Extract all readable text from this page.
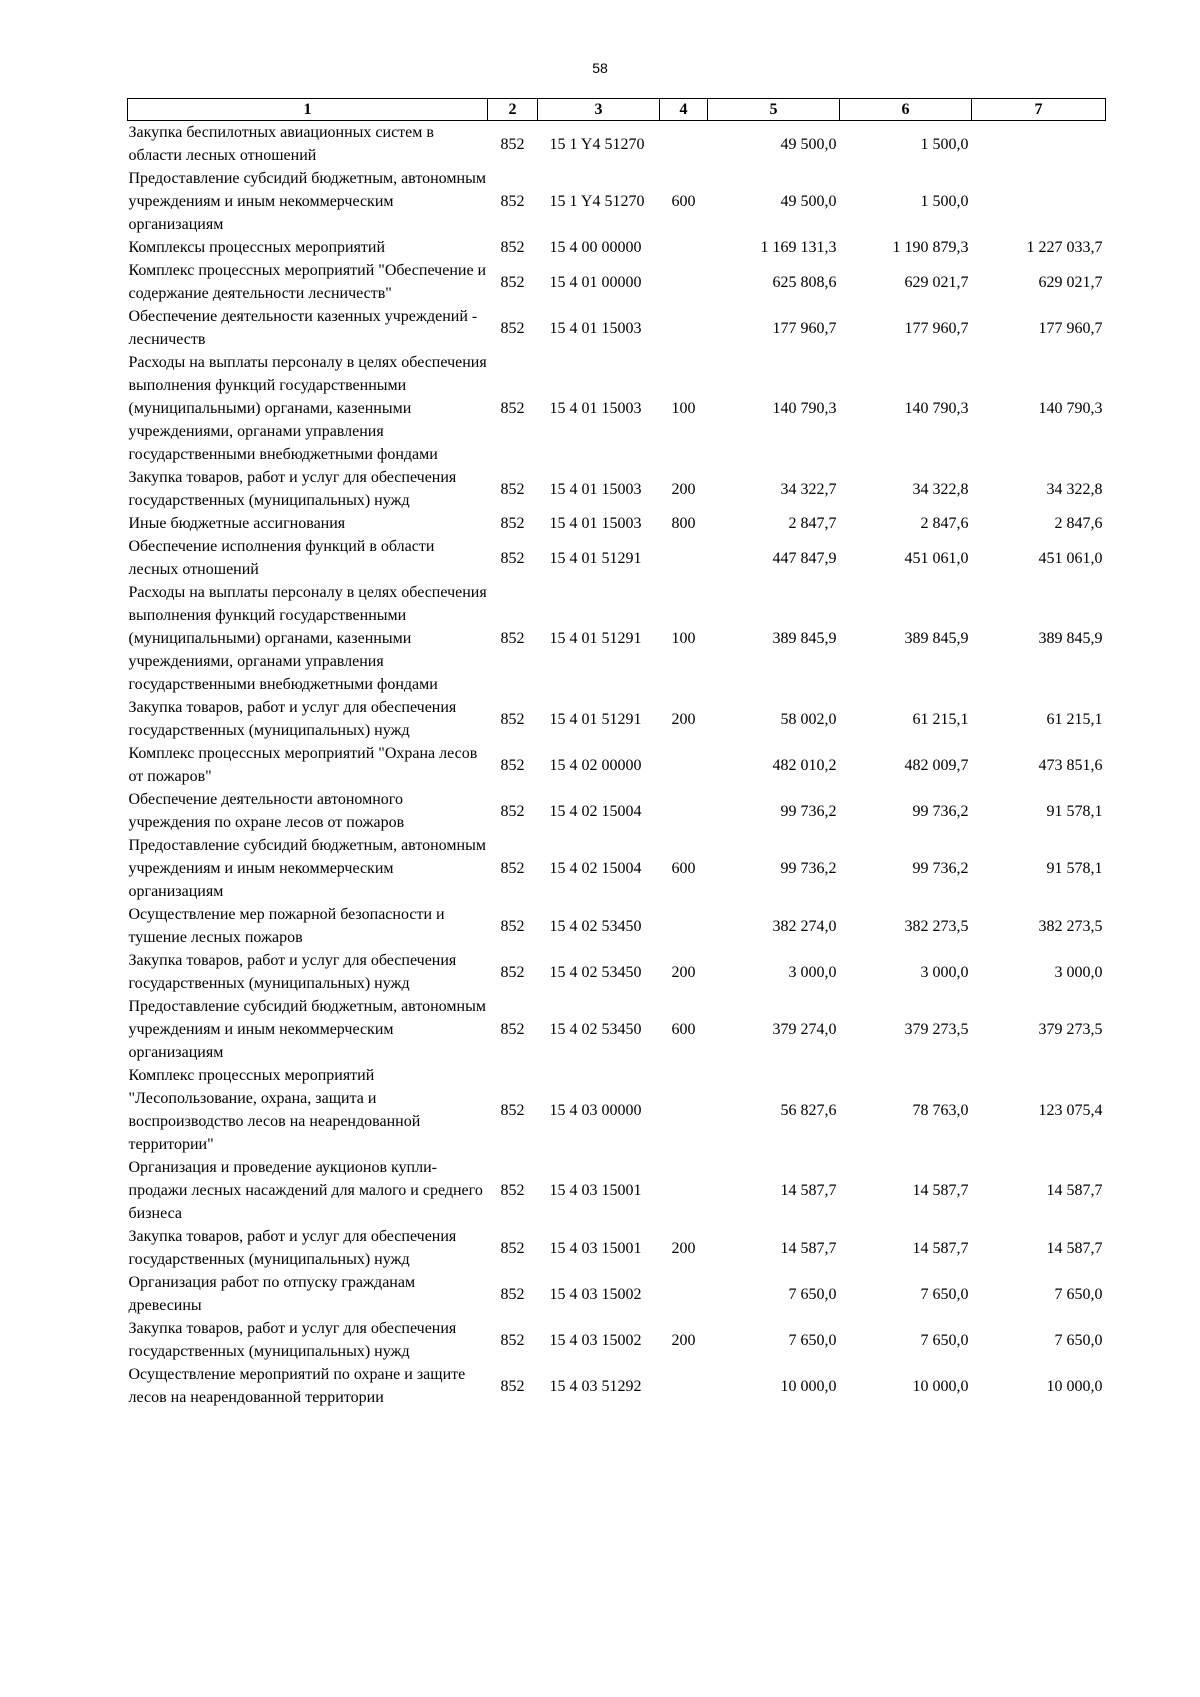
58
1	2	3	4	5	6	7
Закупка беспилотных авиационных систем в области лесных отношений	852	15 1 Y4 51270		49 500,0	1 500,0	
Предоставление субсидий бюджетным, автономным учреждениям и иным некоммерческим организациям	852	15 1 Y4 51270	600	49 500,0	1 500,0	
Комплексы процессных мероприятий	852	15 4 00 00000		1 169 131,3	1 190 879,3	1 227 033,7
Комплекс процессных мероприятий "Обеспечение и содержание деятельности лесничеств"	852	15 4 01 00000		625 808,6	629 021,7	629 021,7
Обеспечение деятельности казенных учреждений - лесничеств	852	15 4 01 15003		177 960,7	177 960,7	177 960,7
Расходы на выплаты персоналу в целях обеспечения выполнения функций государственными (муниципальными) органами, казенными учреждениями, органами управления государственными внебюджетными фондами	852	15 4 01 15003	100	140 790,3	140 790,3	140 790,3
Закупка товаров, работ и услуг для обеспечения государственных (муниципальных) нужд	852	15 4 01 15003	200	34 322,7	34 322,8	34 322,8
Иные бюджетные ассигнования	852	15 4 01 15003	800	2 847,7	2 847,6	2 847,6
Обеспечение исполнения функций в области лесных отношений	852	15 4 01 51291		447 847,9	451 061,0	451 061,0
Расходы на выплаты персоналу в целях обеспечения выполнения функций государственными (муниципальными) органами, казенными учреждениями, органами управления государственными внебюджетными фондами	852	15 4 01 51291	100	389 845,9	389 845,9	389 845,9
Закупка товаров, работ и услуг для обеспечения государственных (муниципальных) нужд	852	15 4 01 51291	200	58 002,0	61 215,1	61 215,1
Комплекс процессных мероприятий "Охрана лесов от пожаров"	852	15 4 02 00000		482 010,2	482 009,7	473 851,6
Обеспечение деятельности автономного учреждения по охране лесов от пожаров	852	15 4 02 15004		99 736,2	99 736,2	91 578,1
Предоставление субсидий бюджетным, автономным учреждениям и иным некоммерческим организациям	852	15 4 02 15004	600	99 736,2	99 736,2	91 578,1
Осуществление мер пожарной безопасности и тушение лесных пожаров	852	15 4 02 53450		382 274,0	382 273,5	382 273,5
Закупка товаров, работ и услуг для обеспечения государственных (муниципальных) нужд	852	15 4 02 53450	200	3 000,0	3 000,0	3 000,0
Предоставление субсидий бюджетным, автономным учреждениям и иным некоммерческим организациям	852	15 4 02 53450	600	379 274,0	379 273,5	379 273,5
Комплекс процессных мероприятий "Лесопользование, охрана, защита и воспроизводство лесов на неарендованной территории"	852	15 4 03 00000		56 827,6	78 763,0	123 075,4
Организация и проведение аукционов купли-продажи лесных насаждений для малого и среднего бизнеса	852	15 4 03 15001		14 587,7	14 587,7	14 587,7
Закупка товаров, работ и услуг для обеспечения государственных (муниципальных) нужд	852	15 4 03 15001	200	14 587,7	14 587,7	14 587,7
Организация работ по отпуску гражданам древесины	852	15 4 03 15002		7 650,0	7 650,0	7 650,0
Закупка товаров, работ и услуг для обеспечения государственных (муниципальных) нужд	852	15 4 03 15002	200	7 650,0	7 650,0	7 650,0
Осуществление мероприятий по охране и защите лесов на неарендованной территории	852	15 4 03 51292		10 000,0	10 000,0	10 000,0
